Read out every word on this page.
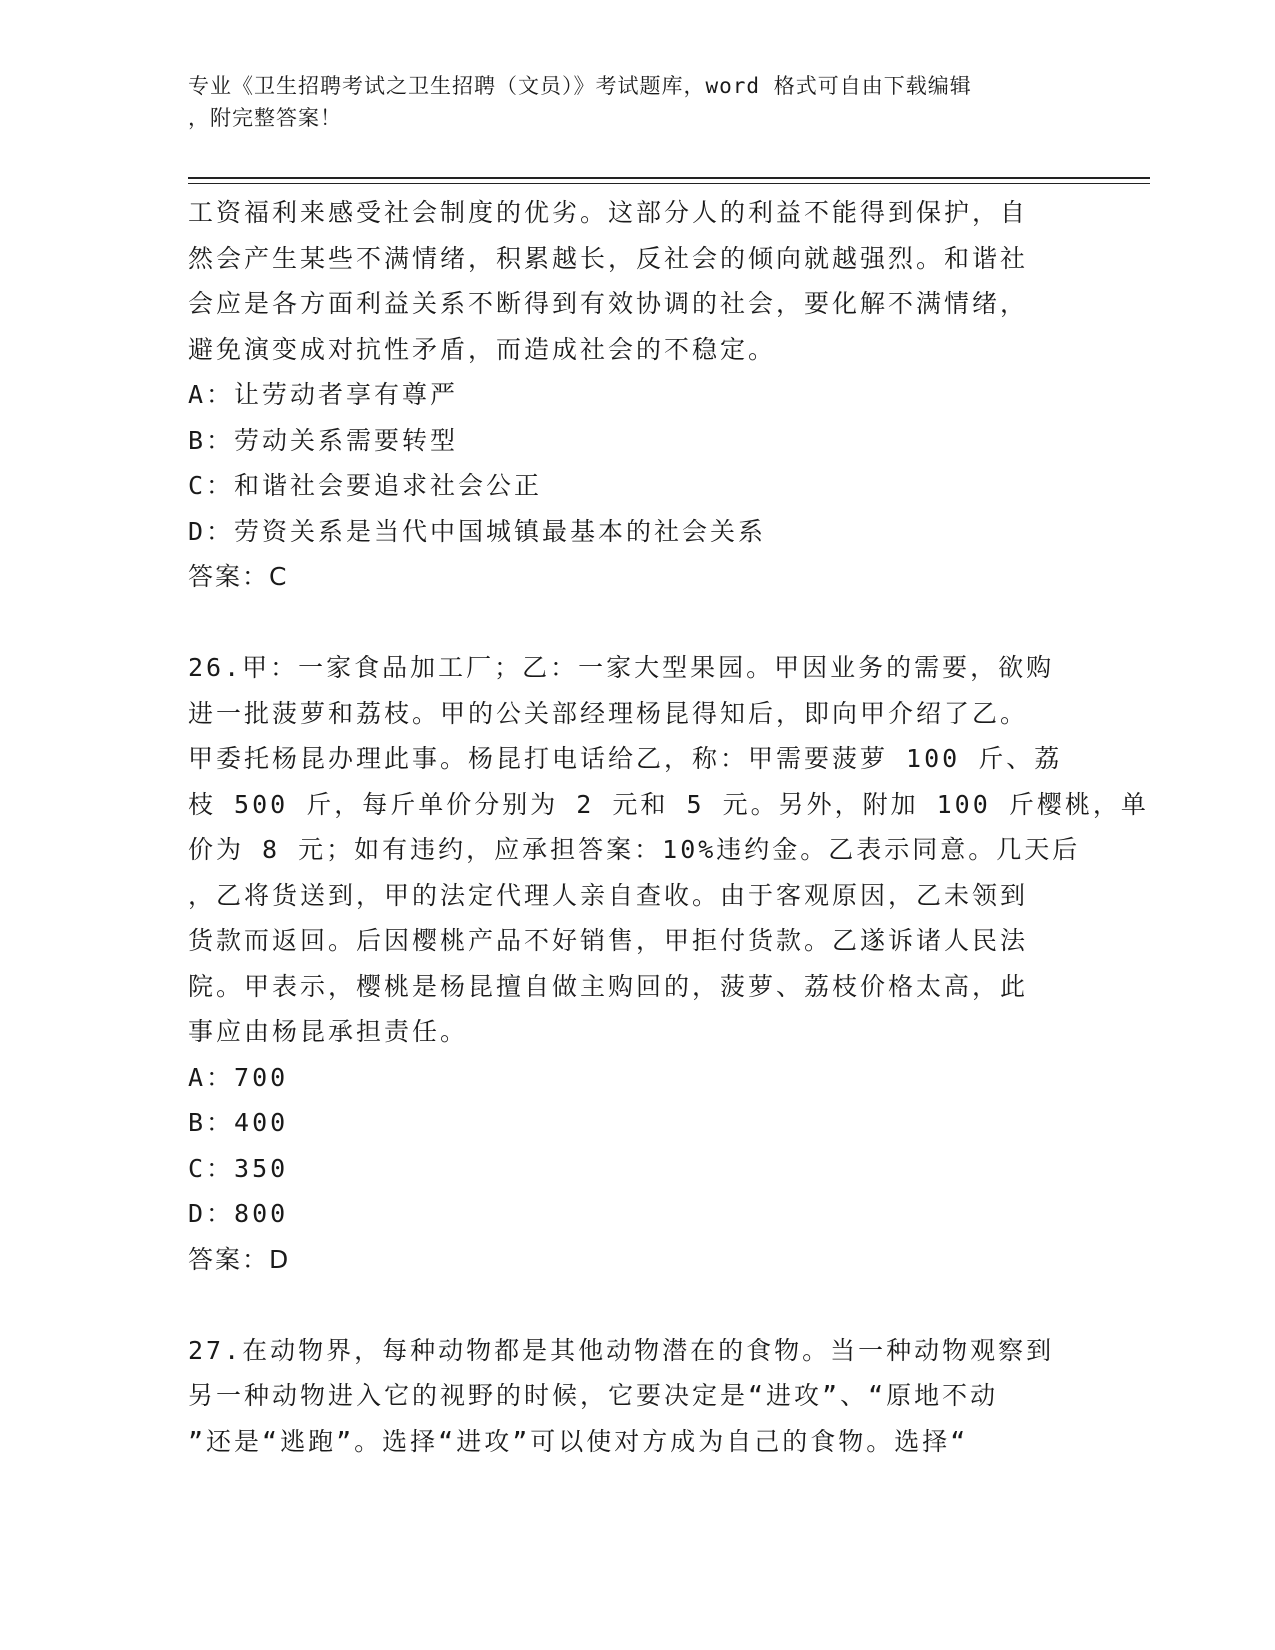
专业《卫生招聘考试之卫生招聘（文员）》考试题库，word 格式可自由下载编辑
，附完整答案！
工资福利来感受社会制度的优劣。这部分人的利益不能得到保护，自
然会产生某些不满情绪，积累越长，反社会的倾向就越强烈。和谐社
会应是各方面利益关系不断得到有效协调的社会，要化解不满情绪，
避免演变成对抗性矛盾，而造成社会的不稳定。
A：让劳动者享有尊严
B：劳动关系需要转型
C：和谐社会要追求社会公正
D：劳资关系是当代中国城镇最基本的社会关系
答案：C
26.甲：一家食品加工厂；乙：一家大型果园。甲因业务的需要，欲购
进一批菠萝和荔枝。甲的公关部经理杨昆得知后，即向甲介绍了乙。
甲委托杨昆办理此事。杨昆打电话给乙，称：甲需要菠萝 100 斤、荔
枝 500 斤，每斤单价分别为 2 元和 5 元。另外，附加 100 斤樱桃，单
价为 8 元；如有违约，应承担答案：10%违约金。乙表示同意。几天后
，乙将货送到，甲的法定代理人亲自查收。由于客观原因，乙未领到
货款而返回。后因樱桃产品不好销售，甲拒付货款。乙遂诉诸人民法
院。甲表示，樱桃是杨昆擅自做主购回的，菠萝、荔枝价格太高，此
事应由杨昆承担责任。
A：700
B：400
C：350
D：800
答案：D
27.在动物界，每种动物都是其他动物潜在的食物。当一种动物观察到
另一种动物进入它的视野的时候，它要决定是“进攻”、“原地不动
”还是“逃跑”。选择“进攻”可以使对方成为自己的食物。选择“
